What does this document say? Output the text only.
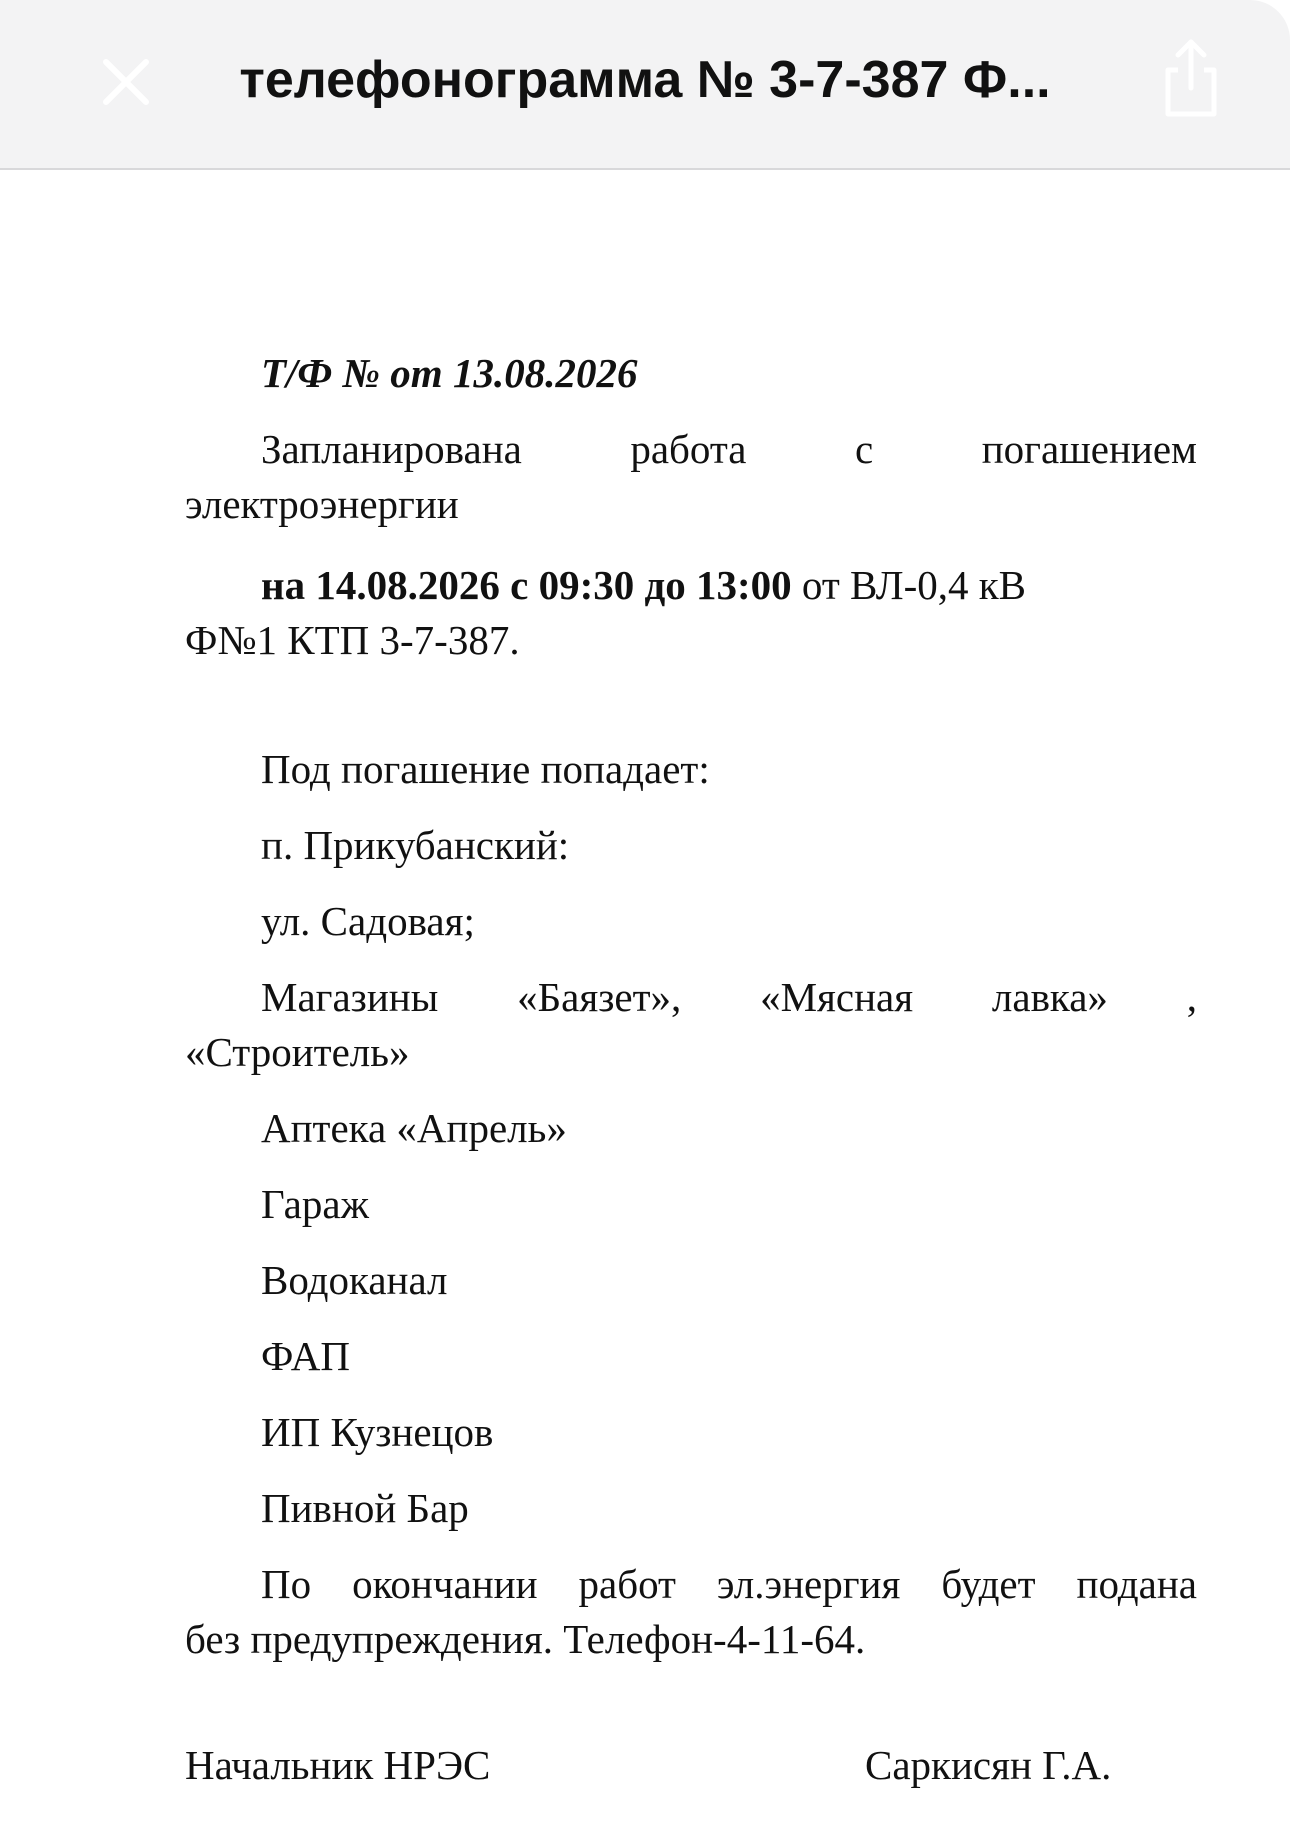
телефонограмма № 3-7-387 Ф...
Т/Ф № от 13.08.2026
Запланирована работа с погашением
электроэнергии
на 14.08.2026 с 09:30 до 13:00 от ВЛ-0,4 кВ
Ф№1 КТП 3-7-387.
Под погашение попадает:
п. Прикубанский:
ул. Садовая;
Магазины «Баязет», «Мясная лавка» ,
«Строитель»
Аптека «Апрель»
Гараж
Водоканал
ФАП
ИП Кузнецов
Пивной Бар
По окончании работ эл.энергия будет подана
без предупреждения. Телефон-4-11-64.
Начальник НРЭС	Саркисян Г.А.
